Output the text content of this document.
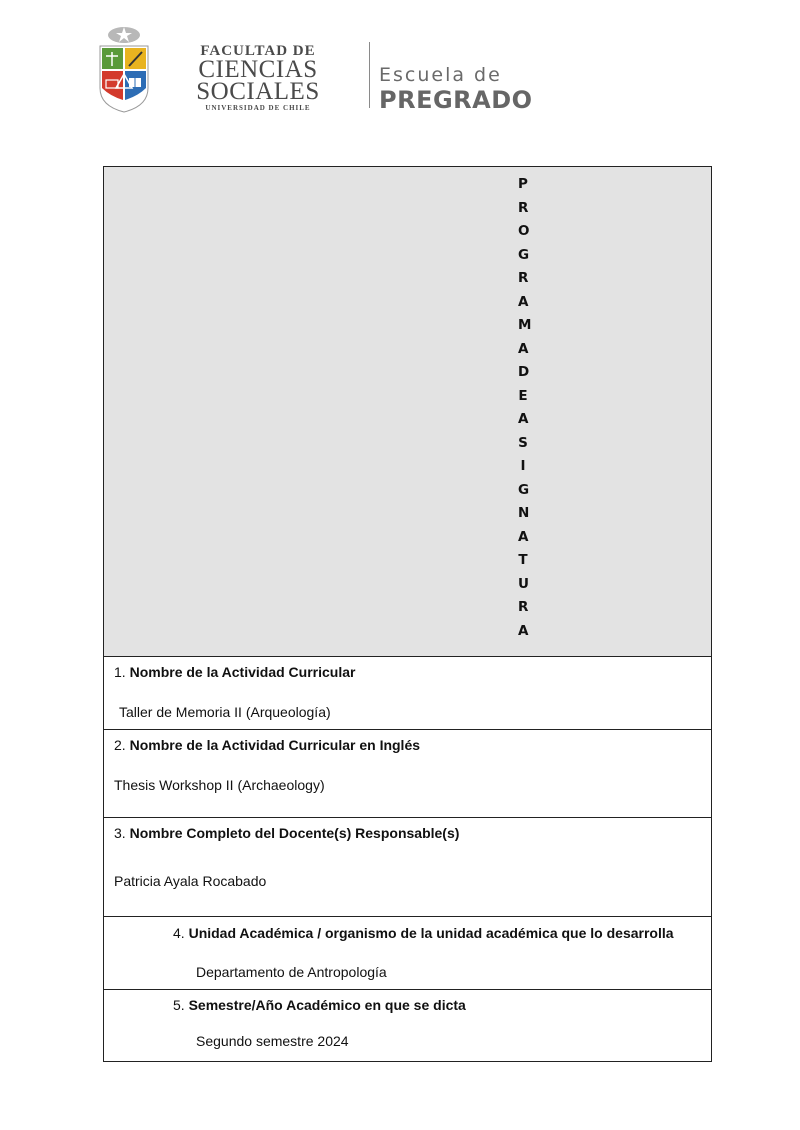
FACULTAD DE
CIENCIAS
SOCIALES
UNIVERSIDAD DE CHILE
Escuela de
PREGRADO
P
R
O
G
R
A
M
A
D
E
A
S
I
G
N
A
T
U
R
A
1. Nombre de la Actividad Curricular
Taller de Memoria II (Arqueología)
2. Nombre de la Actividad Curricular en Inglés
Thesis Workshop II (Archaeology)
3. Nombre Completo del Docente(s) Responsable(s)
Patricia Ayala Rocabado
4. Unidad Académica / organismo de la unidad académica que lo desarrolla
Departamento de Antropología
5. Semestre/Año Académico en que se dicta
Segundo semestre 2024
